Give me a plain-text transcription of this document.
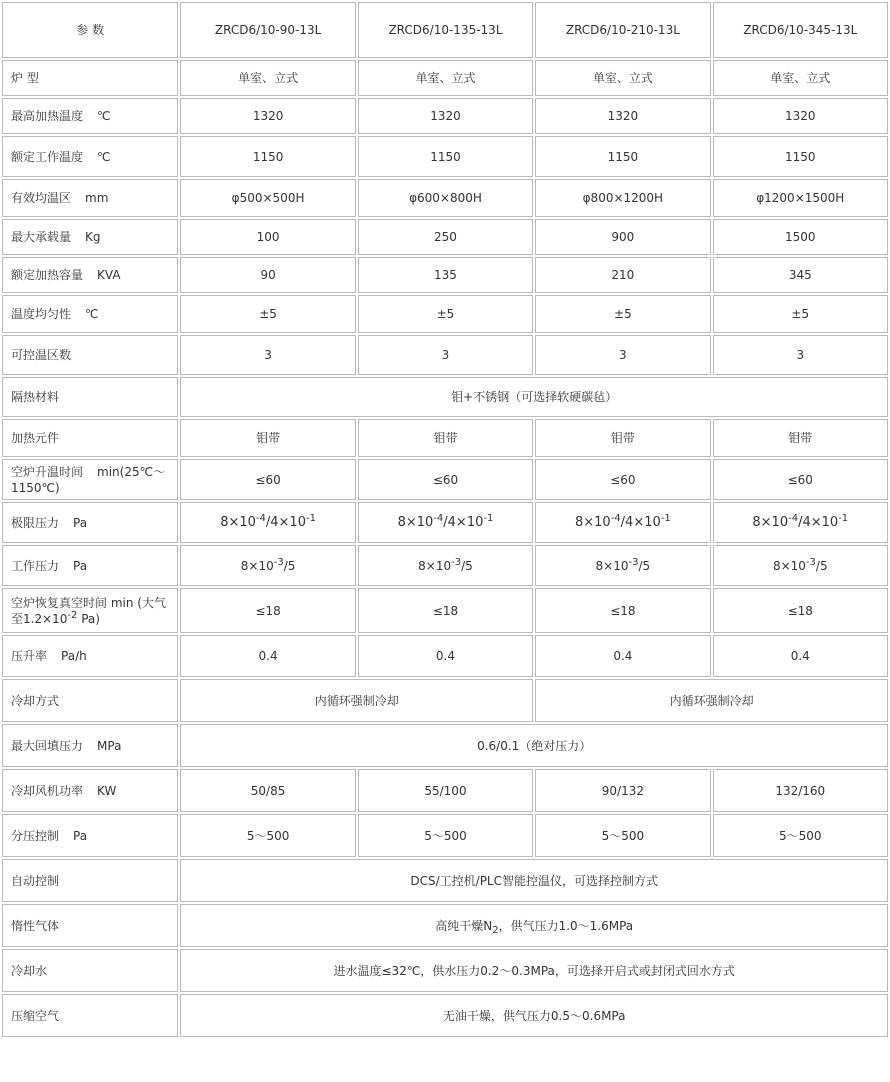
参 数	ZRCD6/10-90-13L	ZRCD6/10-135-13L	ZRCD6/10-210-13L	ZRCD6/10-345-13L
炉 型	单室、立式	单室、立式	单室、立式	单室、立式
最高加热温度 ℃	1320	1320	1320	1320
额定工作温度 ℃	1150	1150	1150	1150
有效均温区 mm	φ500×500H	φ600×800H	φ800×1200H	φ1200×1500H
最大承载量 Kg	100	250	900	1500
额定加热容量 KVA	90	135	210	345
温度均匀性 ℃	±5	±5	±5	±5
可控温区数	3	3	3	3
隔热材料	钼+不锈钢（可选择软硬碳毡）			
加热元件	钼带	钼带	钼带	钼带
空炉升温时间 min(25℃～1150℃)	≤60	≤60	≤60	≤60
极限压力 Pa	$8\times 10^{-4}/4\times 10^{-1}$	$8\times 10^{-4}/4\times 10^{-1}$	$8\times 10^{-4}/4\times 10^{-1}$	$8\times 10^{-4}/4\times 10^{-1}$
工作压力 Pa	$8\times 10^{-3}/5$	$8\times 10^{-3}/5$	$8\times 10^{-3}/5$	$8\times 10^{-3}/5$
空炉恢复真空时间 min (大气至$1.2\times 10^{-2}$ Pa)	≤18	≤18	≤18	≤18
压升率 Pa/h	0.4	0.4	0.4	0.4
冷却方式	内循环强制冷却		内循环强制冷却	
最大回填压力 MPa	0.6/0.1（绝对压力）			
冷却风机功率 KW	50/85	55/100	90/132	132/160
分压控制 Pa	5～500	5～500	5～500	5～500
自动控制	DCS/工控机/PLC智能控温仪，可选择控制方式			
惰性气体	高纯干燥$N_2$，供气压力1.0～1.6MPa			
冷却水	进水温度≤32℃，供水压力0.2～0.3MPa，可选择开启式或封闭式回水方式			
压缩空气	无油干燥，供气压力0.5～0.6MPa			
